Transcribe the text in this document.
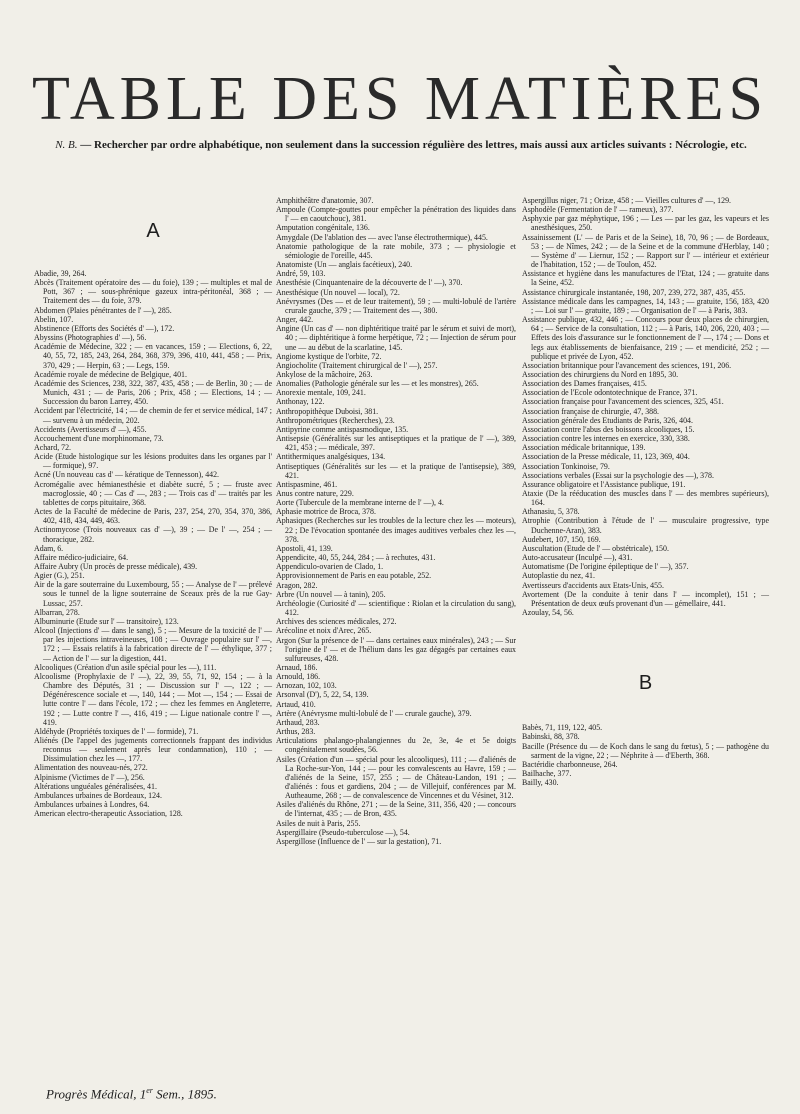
TABLE DES MATIÈRES
N. B. — Rechercher par ordre alphabétique, non seulement dans la succession régulière des lettres, mais aussi aux articles suivants : Nécrologie, etc.

A

Abadie, 39, 264.

Abcès (Traitement opératoire des — du foie), 139 ; — multiples et mal de Pott, 367 ; — sous-phrénique gazeux intra-péritonéal, 368 ; — Traitement des — du foie, 379.

Abdomen (Plaies pénétrantes de l' —), 285.

Abelin, 107.

Abstinence (Efforts des Sociétés d' —), 172.

Abyssins (Photographies d' —), 56.

Académie de Médecine, 322 ; — en vacances, 159 ; — Elections, 6, 22, 40, 55, 72, 185, 243, 264, 284, 368, 379, 396, 410, 441, 458 ; — Prix, 370, 429 ; — Herpin, 63 ; — Legs, 159.

Académie royale de médecine de Belgique, 401.

Académie des Sciences, 238, 322, 387, 435, 458 ; — de Berlin, 30 ; — de Munich, 431 ; — de Paris, 206 ; Prix, 458 ; — Elections, 14 ; — Succession du baron Larrey, 450.

Accident par l'électricité, 14 ; — de chemin de fer et service médical, 147 ; — survenu à un médecin, 202.

Accidents (Avertisseurs d' —), 455.

Accouchement d'une morphinomane, 73.

Achard, 72.

Acide (Etude histologique sur les lésions produites dans les organes par l' — formique), 97.

Acné (Un nouveau cas d' — kératique de Tennesson), 442.

Acromégalie avec hémianesthésie et diabète sucré, 5 ; — fruste avec macroglossie, 40 ; — Cas d' —, 283 ; — Trois cas d' — traités par les tablettes de corps pituitaire, 368.

Actes de la Faculté de médecine de Paris, 237, 254, 270, 354, 370, 386, 402, 418, 434, 449, 463.

Actinomycose (Trois nouveaux cas d' —), 39 ; — De l' —, 254 ; — thoracique, 282.

Adam, 6.

Affaire médico-judiciaire, 64.

Affaire Aubry (Un procès de presse médicale), 439.

Agier (G.), 251.

Air de la gare souterraine du Luxembourg, 55 ; — Analyse de l' — prélevé sous le tunnel de la ligne souterraine de Sceaux près de la rue Gay-Lussac, 257.

Albarran, 278.

Albuminurie (Etude sur l' — transitoire), 123.

Alcool (Injections d' — dans le sang), 5 ; — Mesure de la toxicité de l' — par les injections intraveineuses, 108 ; — Ouvrage populaire sur l' —, 172 ; — Essais relatifs à la fabrication directe de l' — éthylique, 377 ; — Action de l' — sur la digestion, 441.

Alcooliques (Création d'un asile spécial pour les —), 111.

Alcoolisme (Prophylaxie de l' —), 22, 39, 55, 71, 92, 154 ; — à la Chambre des Députés, 31 ; — Discussion sur l' —, 122 ; — Dégénérescence sociale et —, 140, 144 ; — Mot —, 154 ; — Essai de lutte contre l' — dans l'école, 172 ; — chez les femmes en Angleterre, 192 ; — Lutte contre l' —, 416, 419 ; — Ligue nationale contre l' —, 419.

Aldéhyde (Propriétés toxiques de l' — formide), 71.

Aliénés (De l'appel des jugements correctionnels frappant des individus reconnus — seulement après leur condamnation), 110 ; — Dissimulation chez les —, 177.

Alimentation des nouveau-nés, 272.

Alpinisme (Victimes de l' —), 256.

Altérations unguéales généralisées, 41.

Ambulances urbaines de Bordeaux, 124.

Ambulances urbaines à Londres, 64.

American electro-therapeutic Association, 128.

Amphithéâtre d'anatomie, 307.

Ampoule (Compte-gouttes pour empêcher la pénétration des liquides dans l' — en caoutchouc), 381.

Amputation congénitale, 136.

Amygdale (De l'ablation des — avec l'anse électrothermique), 445.

Anatomie pathologique de la rate mobile, 373 ; — physiologie et sémiologie de l'oreille, 445.

Anatomiste (Un — anglais facétieux), 240.

André, 59, 103.

Anesthésie (Cinquantenaire de la découverte de l' —), 370.

Anesthésique (Un nouvel — local), 72.

Anévrysmes (Des — et de leur traitement), 59 ; — multi-lobulé de l'artère crurale gauche, 379 ; — Traitement des —, 380.

Anger, 442.

Angine (Un cas d' — non diphtéritique traité par le sérum et suivi de mort), 40 ; — diphtéritique à forme herpétique, 72 ; — Injection de sérum pour une — au début de la scarlatine, 145.

Angiome kystique de l'orbite, 72.

Angiocholite (Traitement chirurgical de l' —), 257.

Ankylose de la mâchoire, 263.

Anomalies (Pathologie générale sur les — et les monstres), 265.

Anorexie mentale, 109, 241.

Anthonay, 122.

Anthropopithèque Duboisi, 381.

Anthropométriques (Recherches), 23.

Antipyrine comme antispasmodique, 135.

Antisepsie (Généralités sur les antiseptiques et la pratique de l' —), 389, 421, 453 ; — médicale, 397.

Antithermiques analgésiques, 134.

Antiseptiques (Généralités sur les — et la pratique de l'antisepsie), 389, 421.

Antispasmine, 461.

Anus contre nature, 229.

Aorte (Tubercule de la membrane interne de l' —), 4.

Aphasie motrice de Broca, 378.

Aphasiques (Recherches sur les troubles de la lecture chez les — moteurs), 22 ; De l'évocation spontanée des images auditives verbales chez les —, 378.

Apostoli, 41, 139.

Appendicite, 40, 55, 244, 284 ; — à rechutes, 431.

Appendiculo-ovarien de Clado, 1.

Approvisionnement de Paris en eau potable, 252.

Aragon, 282.

Arbre (Un nouvel — à tanin), 205.

Archéologie (Curiosité d' — scientifique : Riolan et la circulation du sang), 412.

Archives des sciences médicales, 272.

Arécoline et noix d'Arec, 265.

Argon (Sur la présence de l' — dans certaines eaux minérales), 243 ; — Sur l'origine de l' — et de l'hélium dans les gaz dégagés par certaines eaux sulfureuses, 428.

Arnaud, 186.

Arnould, 186.

Arnozan, 102, 103.

Arsonval (D'), 5, 22, 54, 139.

Artaud, 410.

Artère (Anévrysme multi-lobulé de l' — crurale gauche), 379.

Arthaud, 283.

Arthus, 283.

Articulations phalango-phalangiennes du 2e, 3e, 4e et 5e doigts congénitalement soudées, 56.

Asiles (Création d'un — spécial pour les alcooliques), 111 ; — d'aliénés de La Roche-sur-Yon, 144 ; — pour les convalescents au Havre, 159 ; — d'aliénés de la Seine, 157, 255 ; — de Château-Landon, 191 ; — d'aliénés : fous et gardiens, 204 ; — de Villejuif, conférences par M. Autheaume, 268 ; — de convalescence de Vincennes et du Vésinet, 312.

Asiles d'aliénés du Rhône, 271 ; — de la Seine, 311, 356, 420 ; — concours de l'internat, 435 ; — de Bron, 435.

Asiles de nuit à Paris, 255.

Aspergillaire (Pseudo-tuberculose —), 54.

Aspergillose (Influence de l' — sur la gestation), 71.

Aspergillus niger, 71 ; Orizæ, 458 ; — Vieilles cultures d' —, 129.

Asphodèle (Fermentation de l' — rameux), 377.

Asphyxie par gaz méphytique, 196 ; — Les — par les gaz, les vapeurs et les anesthésiques, 250.

Assainissement (L' — de Paris et de la Seine), 18, 70, 96 ; — de Bordeaux, 53 ; — de Nîmes, 242 ; — de la Seine et de la commune d'Herblay, 140 ; — Système d' — Liernur, 152 ; — Rapport sur l' — intérieur et extérieur de l'habitation, 152 ; — de Toulon, 452.

Assistance et hygiène dans les manufactures de l'Etat, 124 ; — gratuite dans la Seine, 452.

Assistance chirurgicale instantanée, 198, 207, 239, 272, 387, 435, 455.

Assistance médicale dans les campagnes, 14, 143 ; — gratuite, 156, 183, 420 ; — Loi sur l' — gratuite, 189 ; — Organisation de l' — à Paris, 383.

Assistance publique, 432, 446 ; — Concours pour deux places de chirurgien, 64 ; — Service de la consultation, 112 ; — à Paris, 140, 206, 220, 403 ; — Effets des lois d'assurance sur le fonctionnement de l' —, 174 ; — Dons et legs aux établissements de bienfaisance, 219 ; — et mendicité, 252 ; — publique et privée de Lyon, 452.

Association britannique pour l'avancement des sciences, 191, 206.

Association des chirurgiens du Nord en 1895, 30.

Association des Dames françaises, 415.

Association de l'Ecole odontotechnique de France, 371.

Association française pour l'avancement des sciences, 325, 451.

Association française de chirurgie, 47, 388.

Association générale des Etudiants de Paris, 326, 404.

Association contre l'abus des boissons alcooliques, 15.

Association contre les internes en exercice, 330, 338.

Association médicale britannique, 139.

Association de la Presse médicale, 11, 123, 369, 404.

Association Tonkinoise, 79.

Associations verbales (Essai sur la psychologie des —), 378.

Assurance obligatoire et l'Assistance publique, 191.

Ataxie (De la rééducation des muscles dans l' — des membres supérieurs), 164.

Athanasiu, 5, 378.

Atrophie (Contribution à l'étude de l' — musculaire progressive, type Duchenne-Aran), 383.

Audebert, 107, 150, 169.

Auscultation (Etude de l' — obstétricale), 150.

Auto-accusateur (Inculpé —), 431.

Automatisme (De l'origine épileptique de l' —), 357.

Autoplastie du nez, 41.

Avertisseurs d'accidents aux Etats-Unis, 455.

Avortement (De la conduite à tenir dans l' — incomplet), 151 ; — Présentation de deux œufs provenant d'un — gémellaire, 441.

Azoulay, 54, 56.

B

Babès, 71, 119, 122, 405.

Babinski, 88, 378.

Bacille (Présence du — de Koch dans le sang du fœtus), 5 ; — pathogène du sarment de la vigne, 22 ; — Néphrite à — d'Eberth, 368.

Bactéridie charbonneuse, 264.

Bailhache, 377.

Bailly, 430.

Progrès Médical, 1er Sem., 1895.
